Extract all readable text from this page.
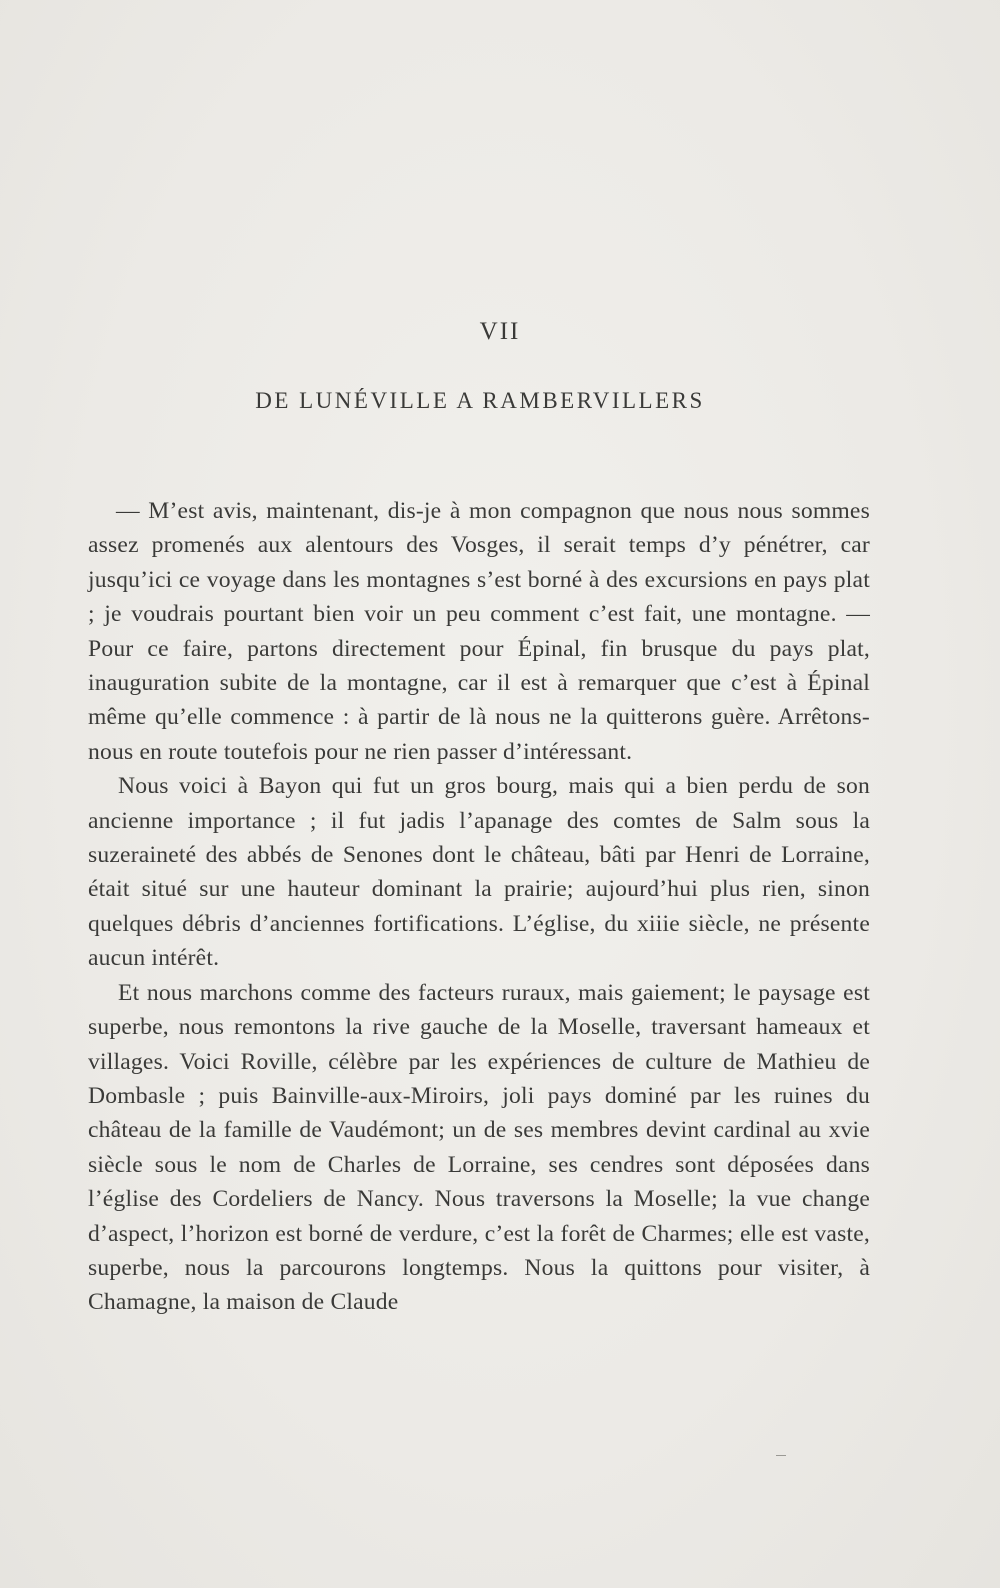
VII
DE LUNÉVILLE A RAMBERVILLERS

— M’est avis, maintenant, dis-je à mon compagnon que nous nous sommes assez promenés aux alentours des Vosges, il serait temps d’y pénétrer, car jusqu’ici ce voyage dans les montagnes s’est borné à des excursions en pays plat ; je voudrais pourtant bien voir un peu comment c’est fait, une montagne. — Pour ce faire, partons directement pour Épinal, fin brusque du pays plat, inauguration subite de la montagne, car il est à remarquer que c’est à Épinal même qu’elle commence : à partir de là nous ne la quitterons guère. Arrêtons-nous en route toutefois pour ne rien passer d’intéressant.

Nous voici à Bayon qui fut un gros bourg, mais qui a bien perdu de son ancienne importance ; il fut jadis l’apanage des comtes de Salm sous la suzeraineté des abbés de Senones dont le château, bâti par Henri de Lorraine, était situé sur une hauteur dominant la prairie; aujourd’hui plus rien, sinon quelques débris d’anciennes fortifications. L’église, du xiiie siècle, ne présente aucun intérêt.

Et nous marchons comme des facteurs ruraux, mais gaiement; le paysage est superbe, nous remontons la rive gauche de la Moselle, traversant hameaux et villages. Voici Roville, célèbre par les expériences de culture de Mathieu de Dombasle ; puis Bainville-aux-Miroirs, joli pays dominé par les ruines du château de la famille de Vaudémont; un de ses membres devint cardinal au xvie siècle sous le nom de Charles de Lorraine, ses cendres sont déposées dans l’église des Cordeliers de Nancy. Nous traversons la Moselle; la vue change d’aspect, l’horizon est borné de verdure, c’est la forêt de Charmes; elle est vaste, superbe, nous la parcourons longtemps. Nous la quittons pour visiter, à Chamagne, la maison de Claude
